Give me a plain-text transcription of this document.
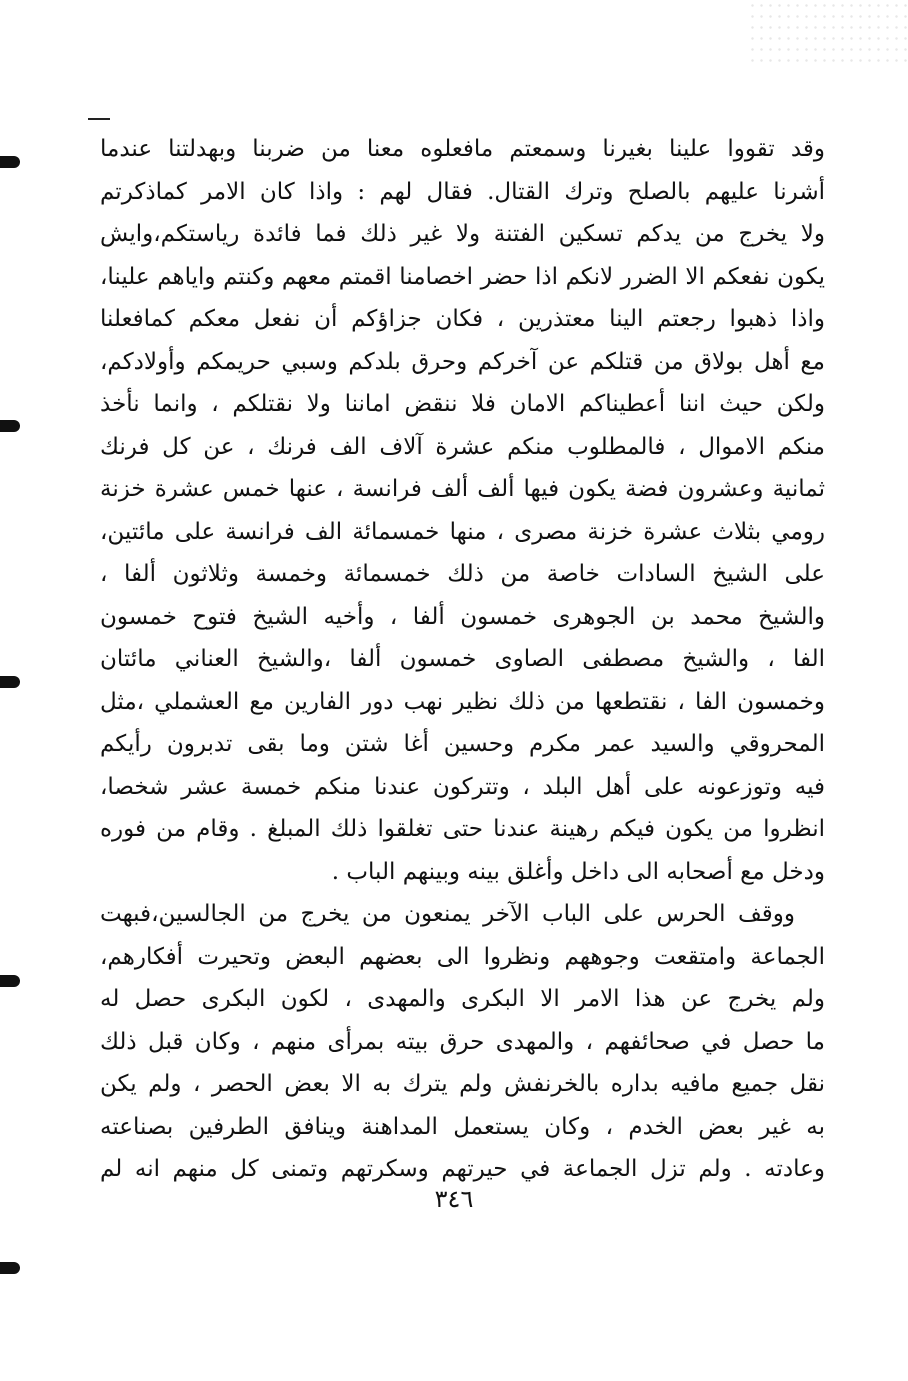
وقد تقووا علينا بغيرنا وسمعتم مافعلوه معنا من ضربنا وبهدلتنا عندما
أشرنا عليهم بالصلح وترك القتال. فقال لهم : واذا كان الامر كماذكرتم
ولا يخرج من يدكم تسكين الفتنة ولا غير ذلك فما فائدة رياستكم،وايش
يكون نفعكم الا الضرر لانكم اذا حضر اخصامنا اقمتم معهم وكنتم واياهم علينا،
واذا ذهبوا رجعتم الينا معتذرين ، فكان جزاؤكم أن نفعل معكم كمافعلنا
مع أهل بولاق من قتلكم عن آخركم وحرق بلدكم وسبي حريمكم وأولادكم،
ولكن حيث اننا أعطيناكم الامان فلا ننقض اماننا ولا نقتلكم ، وانما نأخذ
منكم الاموال ، فالمطلوب منكم عشرة آلاف الف فرنك ، عن كل فرنك
ثمانية وعشرون فضة يكون فيها ألف ألف فرانسة ، عنها خمس عشرة خزنة
رومي بثلاث عشرة خزنة مصرى ، منها خمسمائة الف فرانسة على مائتين،
على الشيخ السادات خاصة من ذلك خمسمائة وخمسة وثلاثون ألفا ،
والشيخ محمد بن الجوهرى خمسون ألفا ، وأخيه الشيخ فتوح خمسون
الفا ، والشيخ مصطفى الصاوى خمسون ألفا ،والشيخ العناني مائتان
وخمسون الفا ، نقتطعها من ذلك نظير نهب دور الفارين مع العشملي ،مثل
المحروقي والسيد عمر مكرم وحسين أغا شتن وما بقى تدبرون رأيكم
فيه وتوزعونه على أهل البلد ، وتتركون عندنا منكم خمسة عشر شخصا،
انظروا من يكون فيكم رهينة عندنا حتى تغلقوا ذلك المبلغ . وقام من فوره
ودخل مع أصحابه الى داخل وأغلق بينه وبينهم الباب .
ووقف الحرس على الباب الآخر يمنعون من يخرج من الجالسين،فبهت
الجماعة وامتقعت وجوههم ونظروا الى بعضهم البعض وتحيرت أفكارهم،
ولم يخرج عن هذا الامر الا البكرى والمهدى ، لكون البكرى حصل له
ما حصل في صحائفهم ، والمهدى حرق بيته بمرأى منهم ، وكان قبل ذلك
نقل جميع مافيه بداره بالخرنفش ولم يترك به الا بعض الحصر ، ولم يكن
به غير بعض الخدم ، وكان يستعمل المداهنة وينافق الطرفين بصناعته
وعادته . ولم تزل الجماعة في حيرتهم وسكرتهم وتمنى كل منهم انه لم
٣٤٦
